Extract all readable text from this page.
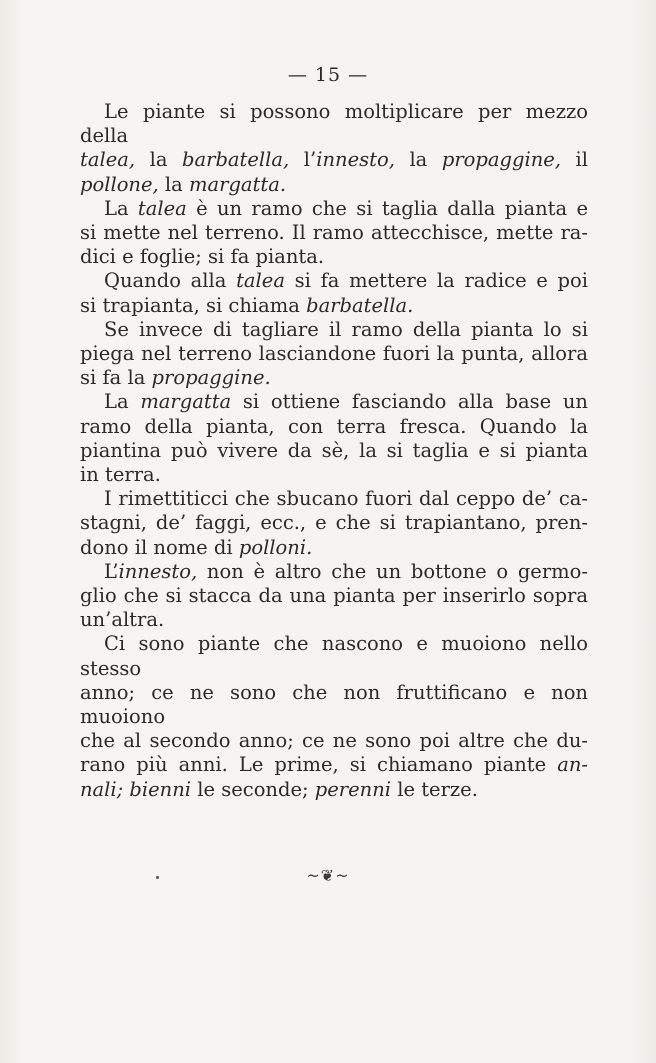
— 15 —

Le piante si possono moltiplicare per mezzo della
talea, la barbatella, l’innesto, la propaggine, il
pollone, la margatta.

La talea è un ramo che si taglia dalla pianta e
si mette nel terreno. Il ramo attecchisce, mette ra-
dici e foglie; si fa pianta.

Quando alla talea si fa mettere la radice e poi
si trapianta, si chiama barbatella.

Se invece di tagliare il ramo della pianta lo si
piega nel terreno lasciandone fuori la punta, allora
si fa la propaggine.

La margatta si ottiene fasciando alla base un
ramo della pianta, con terra fresca. Quando la
piantina può vivere da sè, la si taglia e si pianta
in terra.

I rimettiticci che sbucano fuori dal ceppo de’ ca-
stagni, de’ faggi, ecc., e che si trapiantano, pren-
dono il nome di polloni.

L’innesto, non è altro che un bottone o germo-
glio che si stacca da una pianta per inserirlo sopra
un’altra.

Ci sono piante che nascono e muoiono nello stesso
anno; ce ne sono che non fruttificano e non muoiono
che al secondo anno; ce ne sono poi altre che du-
rano più anni. Le prime, si chiamano piante an-
nali; bienni le seconde; perenni le terze.

~❦~
